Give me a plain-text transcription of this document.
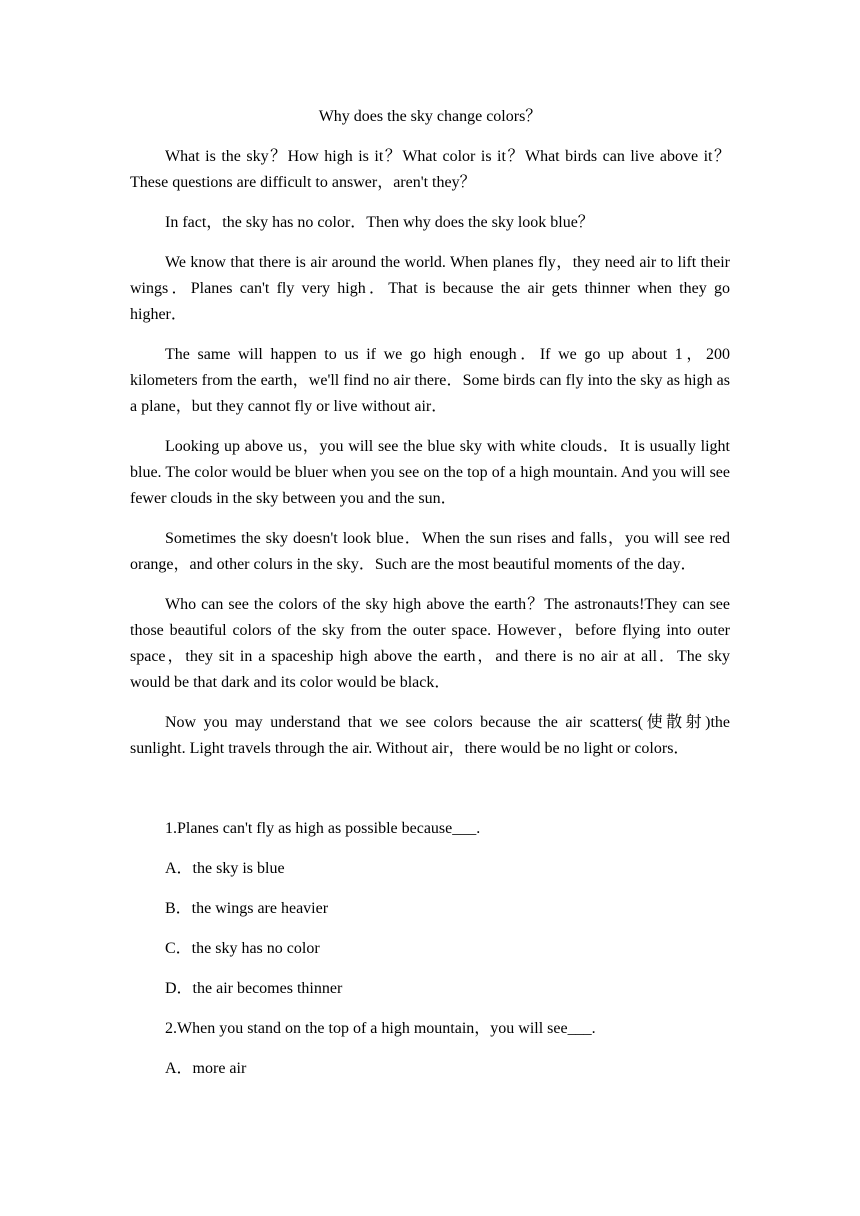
Why does the sky change colors？
What is the sky？How high is it？What color is it？What birds can live above it？These questions are difficult to answer，aren't they？
In fact，the sky has no color．Then why does the sky look blue？
We know that there is air around the world. When planes fly，they need air to lift their wings．Planes can't fly very high．That is because the air gets thinner when they go higher．
The same will happen to us if we go high enough．If we go up about 1，200 kilometers from the earth，we'll find no air there．Some birds can fly into the sky as high as a plane，but they cannot fly or live without air．
Looking up above us，you will see the blue sky with white clouds．It is usually light blue. The color would be bluer when you see on the top of a high mountain. And you will see fewer clouds in the sky between you and the sun．
Sometimes the sky doesn't look blue．When the sun rises and falls，you will see red orange，and other colurs in the sky．Such are the most beautiful moments of the day．
Who can see the colors of the sky high above the earth？The astronauts!They can see those beautiful colors of the sky from the outer space. However，before flying into outer space，they sit in a spaceship high above the earth，and there is no air at all．The sky would be that dark and its color would be black．
Now you may understand that we see colors because the air scatters(使散射)the sunlight. Light travels through the air. Without air，there would be no light or colors．
1.Planes can't fly as high as possible because___.
A．the sky is blue
B．the wings are heavier
C．the sky has no color
D．the air becomes thinner
2.When you stand on the top of a high mountain，you will see___.
A．more air
